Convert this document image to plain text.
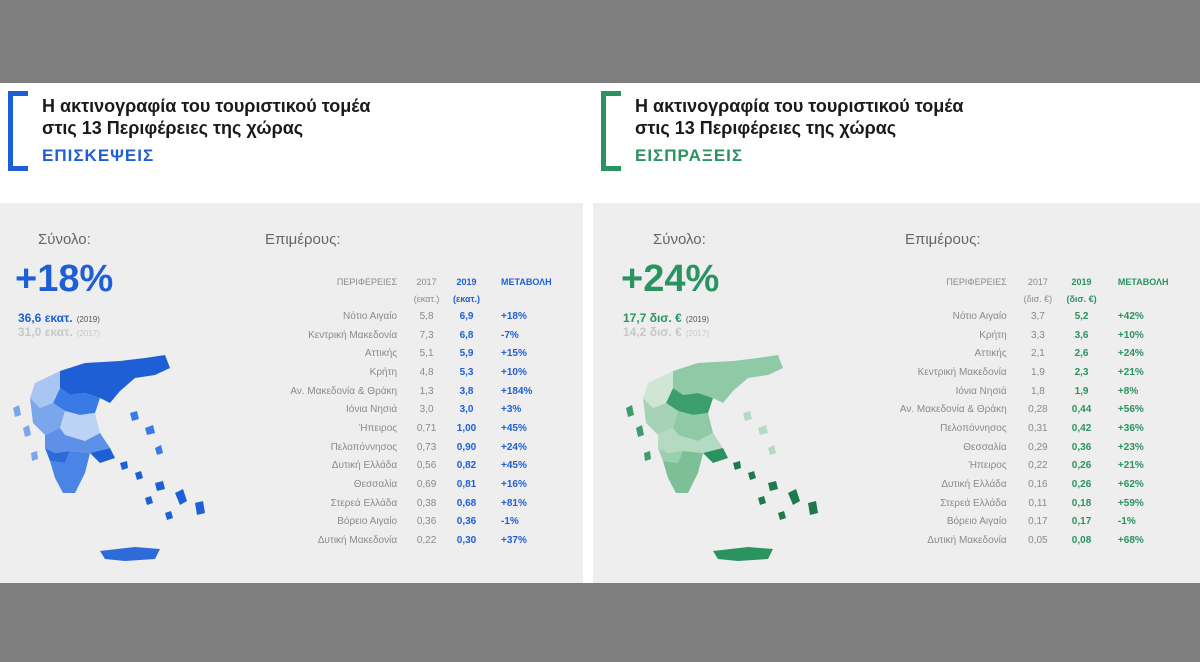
Η ακτινογραφία του τουριστικού τομέα
στις 13 Περιφέρειες της χώρας
ΕΠΙΣΚΕΨΕΙΣ
Σύνολο:
+18%
36,6 εκατ. (2019)
31,0 εκατ. (2017)
Επιμέρους:
ΠΕΡΙΦΕΡΕΙΕΣ	2017	2019	ΜΕΤΑΒΟΛΗ
	(εκατ.)	(εκατ.)	
Νότιο Αιγαίο	5,8	6,9	+18%
Κεντρική Μακεδονία	7,3	6,8	-7%
Αττικής	5,1	5,9	+15%
Κρήτη	4,8	5,3	+10%
Αν. Μακεδονία & Θράκη	1,3	3,8	+184%
Ιόνια Νησιά	3,0	3,0	+3%
Ήπειρος	0,71	1,00	+45%
Πελοπόννησος	0,73	0,90	+24%
Δυτική Ελλάδα	0,56	0,82	+45%
Θεσσαλία	0,69	0,81	+16%
Στερεά Ελλάδα	0,38	0,68	+81%
Βόρειο Αιγαίο	0,36	0,36	-1%
Δυτική Μακεδονία	0,22	0,30	+37%
Η ακτινογραφία του τουριστικού τομέα
στις 13 Περιφέρειες της χώρας
ΕΙΣΠΡΑΞΕΙΣ
Σύνολο:
+24%
17,7 δισ. € (2019)
14,2 δισ. € (2017)
Επιμέρους:
ΠΕΡΙΦΕΡΕΙΕΣ	2017	2019	ΜΕΤΑΒΟΛΗ
	(δισ. €)	(δισ. €)	
Νότιο Αιγαίο	3,7	5,2	+42%
Κρήτη	3,3	3,6	+10%
Αττικής	2,1	2,6	+24%
Κεντρική Μακεδονία	1,9	2,3	+21%
Ιόνια Νησιά	1,8	1,9	+8%
Αν. Μακεδονία & Θράκη	0,28	0,44	+56%
Πελοπόννησος	0,31	0,42	+36%
Θεσσαλία	0,29	0,36	+23%
Ήπειρος	0,22	0,26	+21%
Δυτική Ελλάδα	0,16	0,26	+62%
Στερεά Ελλάδα	0,11	0,18	+59%
Βόρειο Αιγαίο	0,17	0,17	-1%
Δυτική Μακεδονία	0,05	0,08	+68%
